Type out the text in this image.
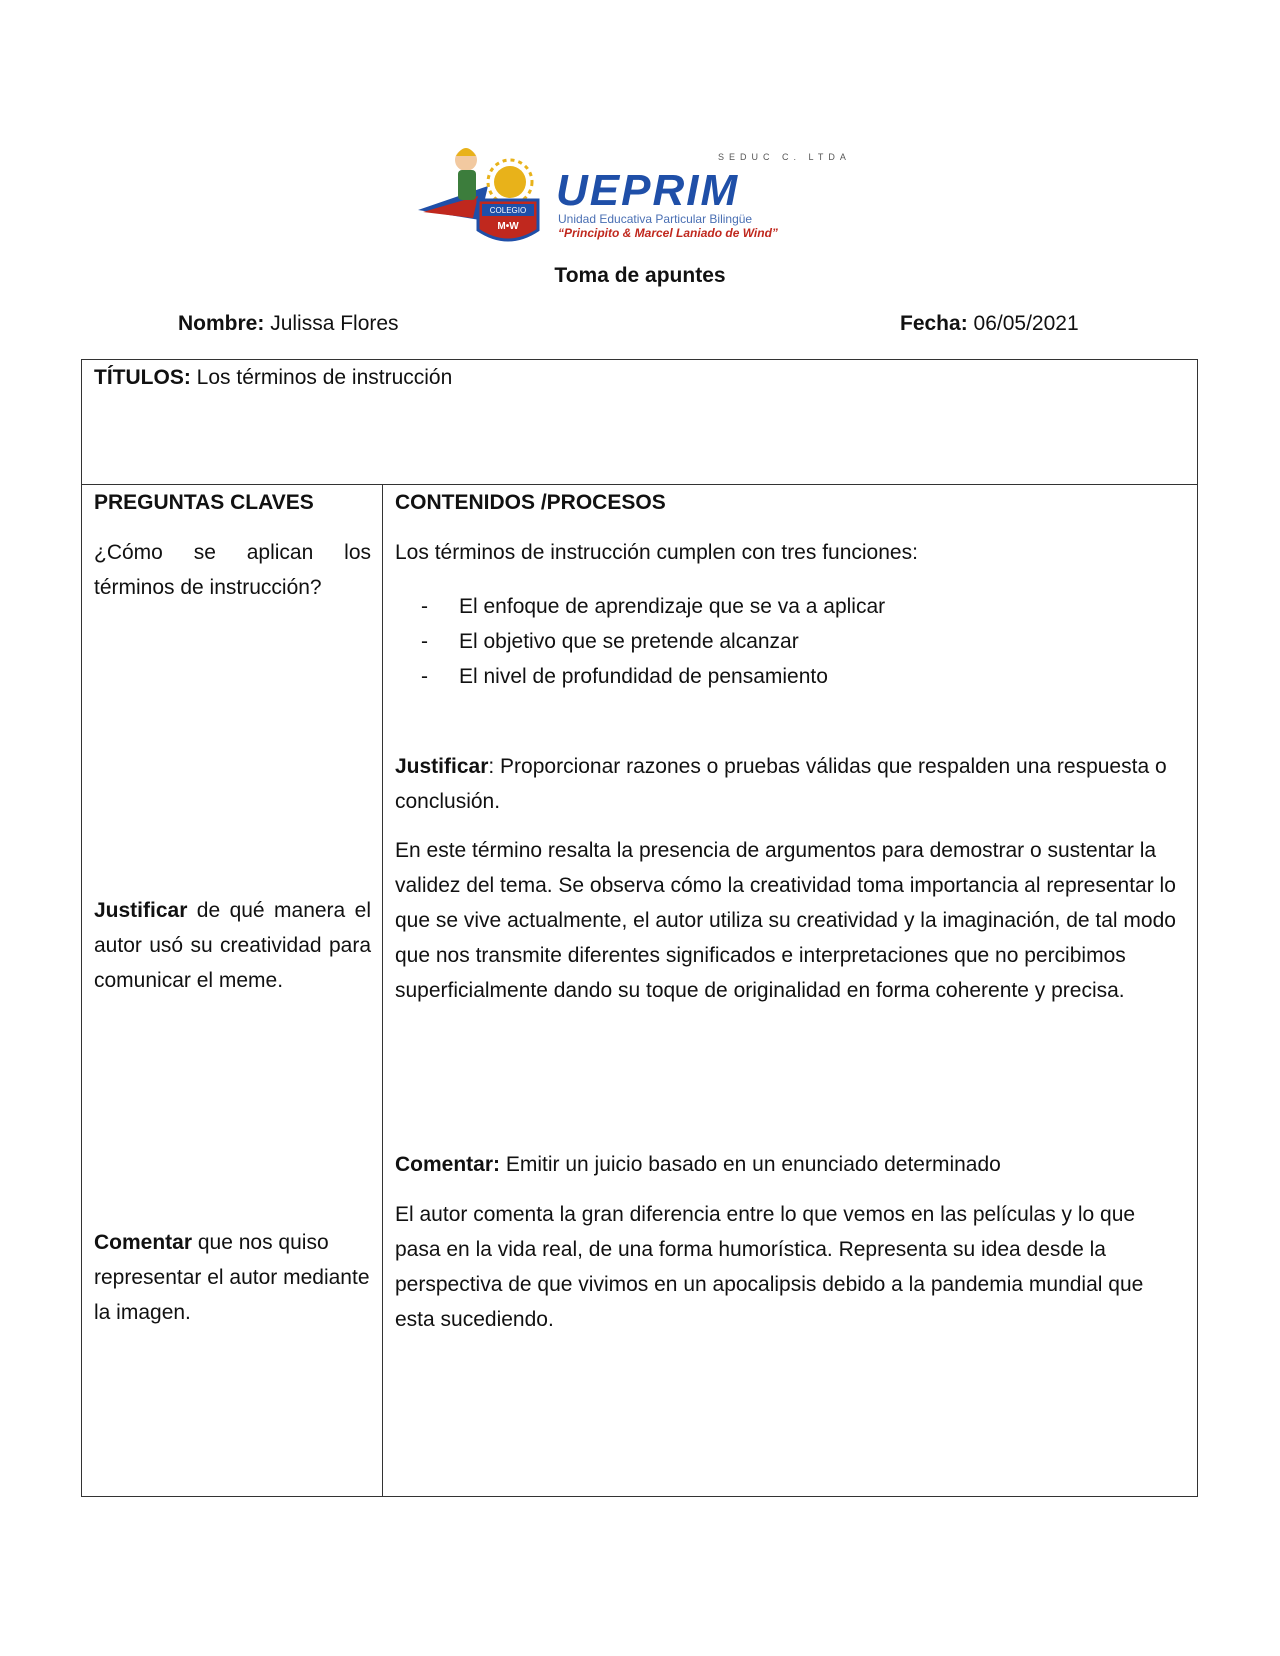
COLEGIO
M•W
SEDUC C. LTDA
UEPRIM
Unidad Educativa Particular Bilingüe
“Principito & Marcel Laniado de Wind”
Toma de apuntes
Nombre: Julissa Flores	Fecha: 06/05/2021
TÍTULOS: Los términos de instrucción
PREGUNTAS CLAVES
¿Cómo se aplican los términos de instrucción?
Justificar de qué manera el autor usó su creatividad para comunicar el meme.
Comentar que nos quiso representar el autor mediante la imagen.
CONTENIDOS /PROCESOS
Los términos de instrucción cumplen con tres funciones:
- El enfoque de aprendizaje que se va a aplicar
- El objetivo que se pretende alcanzar
- El nivel de profundidad de pensamiento
Justificar: Proporcionar razones o pruebas válidas que respalden una respuesta o conclusión.
En este término resalta la presencia de argumentos para demostrar o sustentar la validez del tema. Se observa cómo la creatividad toma importancia al representar lo que se vive actualmente, el autor utiliza su creatividad y la imaginación, de tal modo que nos transmite diferentes significados e interpretaciones que no percibimos superficialmente dando su toque de originalidad en forma coherente y precisa.
Comentar: Emitir un juicio basado en un enunciado determinado
El autor comenta la gran diferencia entre lo que vemos en las películas y lo que pasa en la vida real, de una forma humorística. Representa su idea desde la perspectiva de que vivimos en un apocalipsis debido a la pandemia mundial que esta sucediendo.
